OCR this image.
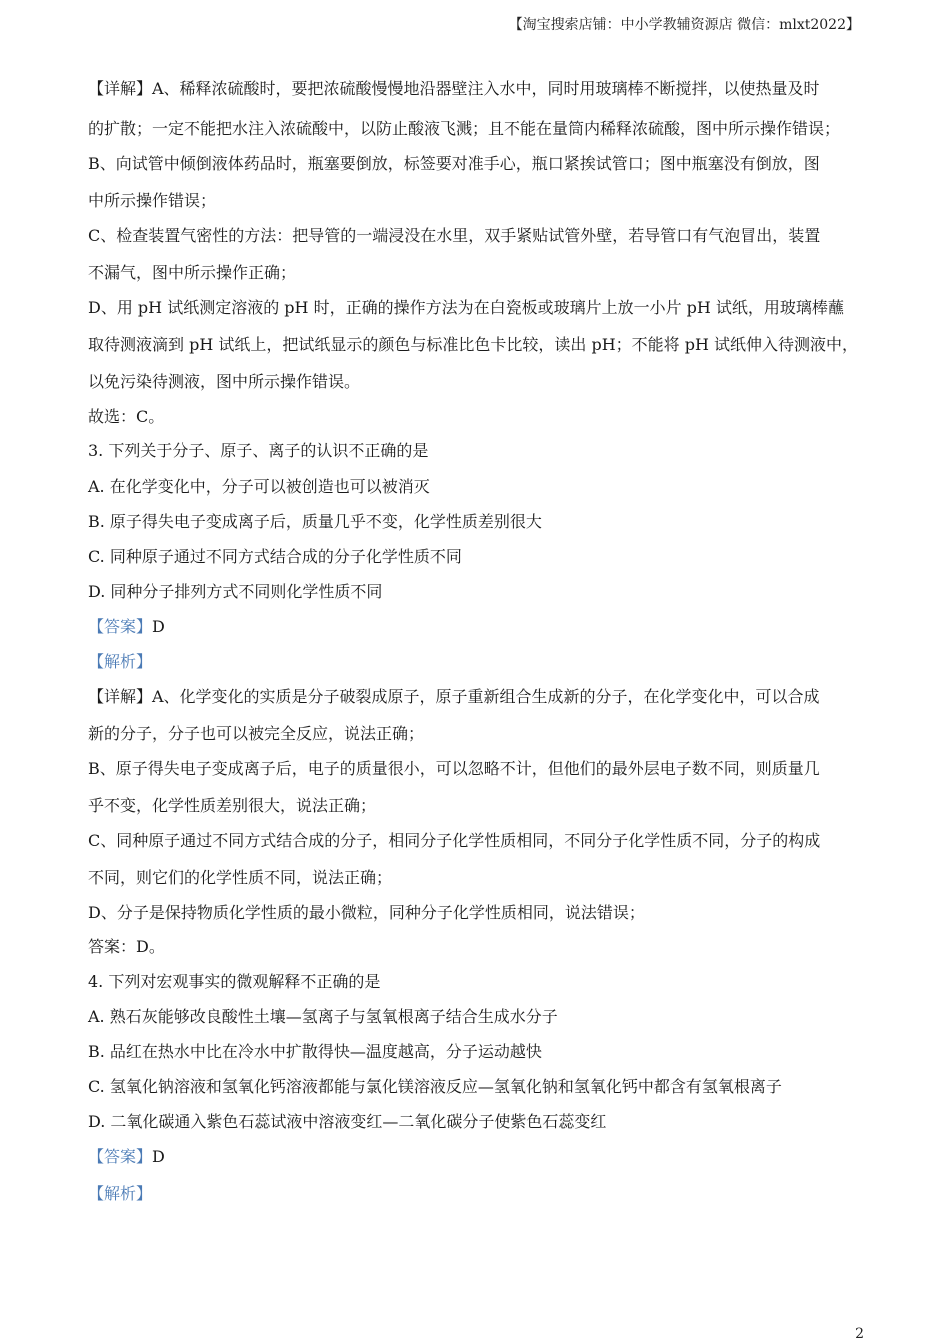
【淘宝搜索店铺：中小学教辅资源店 微信：mlxt2022】
【详解】A、稀释浓硫酸时，要把浓硫酸慢慢地沿器壁注入水中，同时用玻璃棒不断搅拌，以使热量及时
的扩散；一定不能把水注入浓硫酸中，以防止酸液飞溅；且不能在量筒内稀释浓硫酸，图中所示操作错误；
B、向试管中倾倒液体药品时，瓶塞要倒放，标签要对准手心，瓶口紧挨试管口；图中瓶塞没有倒放，图
中所示操作错误；
C、检查装置气密性的方法：把导管的一端浸没在水里，双手紧贴试管外壁，若导管口有气泡冒出，装置
不漏气，图中所示操作正确；
D、用 pH 试纸测定溶液的 pH 时，正确的操作方法为在白瓷板或玻璃片上放一小片 pH 试纸，用玻璃棒蘸
取待测液滴到 pH 试纸上，把试纸显示的颜色与标准比色卡比较，读出 pH；不能将 pH 试纸伸入待测液中，
以免污染待测液，图中所示操作错误。
故选：C。
3. 下列关于分子、原子、离子的认识不正确的是
A. 在化学变化中，分子可以被创造也可以被消灭
B. 原子得失电子变成离子后，质量几乎不变，化学性质差别很大
C. 同种原子通过不同方式结合成的分子化学性质不同
D. 同种分子排列方式不同则化学性质不同
【答案】D
【解析】
【详解】A、化学变化的实质是分子破裂成原子，原子重新组合生成新的分子，在化学变化中，可以合成
新的分子，分子也可以被完全反应，说法正确；
B、原子得失电子变成离子后，电子的质量很小，可以忽略不计，但他们的最外层电子数不同，则质量几
乎不变，化学性质差别很大，说法正确；
C、同种原子通过不同方式结合成的分子，相同分子化学性质相同，不同分子化学性质不同，分子的构成
不同，则它们的化学性质不同，说法正确；
D、分子是保持物质化学性质的最小微粒，同种分子化学性质相同，说法错误；
答案：D。
4. 下列对宏观事实的微观解释不正确的是
A. 熟石灰能够改良酸性土壤—氢离子与氢氧根离子结合生成水分子
B. 品红在热水中比在冷水中扩散得快—温度越高，分子运动越快
C. 氢氧化钠溶液和氢氧化钙溶液都能与氯化镁溶液反应—氢氧化钠和氢氧化钙中都含有氢氧根离子
D. 二氧化碳通入紫色石蕊试液中溶液变红—二氧化碳分子使紫色石蕊变红
【答案】D
【解析】
2
